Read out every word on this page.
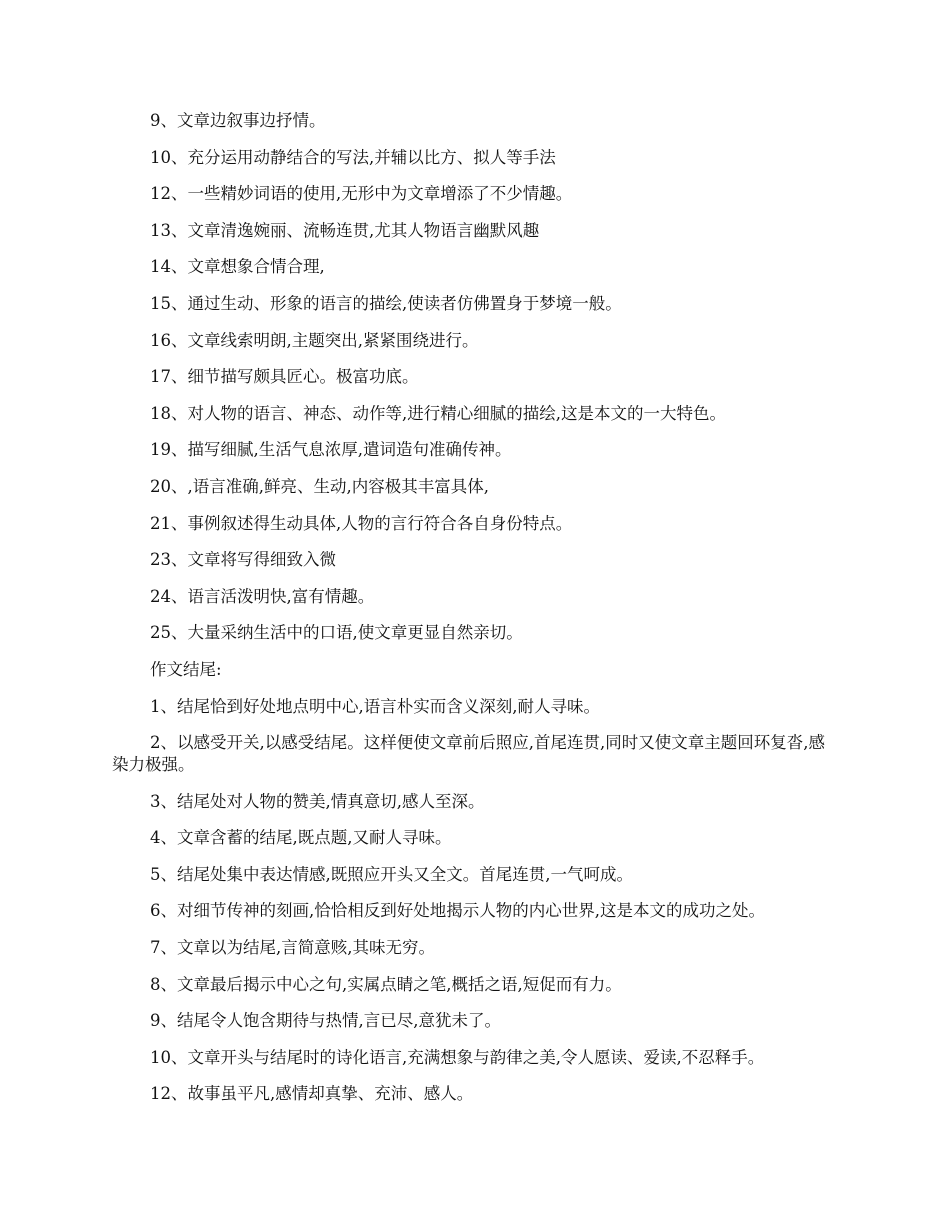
9、文章边叙事边抒情。

10、充分运用动静结合的写法,并辅以比方、拟人等手法

12、一些精妙词语的使用,无形中为文章增添了不少情趣。

13、文章清逸婉丽、流畅连贯,尤其人物语言幽默风趣

14、文章想象合情合理,

15、通过生动、形象的语言的描绘,使读者仿佛置身于梦境一般。

16、文章线索明朗,主题突出,紧紧围绕进行。

17、细节描写颇具匠心。极富功底。

18、对人物的语言、神态、动作等,进行精心细腻的描绘,这是本文的一大特色。

19、描写细腻,生活气息浓厚,遣词造句准确传神。

20、,语言准确,鲜亮、生动,内容极其丰富具体,

21、事例叙述得生动具体,人物的言行符合各自身份特点。

23、文章将写得细致入微

24、语言活泼明快,富有情趣。

25、大量采纳生活中的口语,使文章更显自然亲切。

作文结尾:

1、结尾恰到好处地点明中心,语言朴实而含义深刻,耐人寻味。

2、以感受开关,以感受结尾。这样便使文章前后照应,首尾连贯,同时又使文章主题回环复沓,感染力极强。

3、结尾处对人物的赞美,情真意切,感人至深。

4、文章含蓄的结尾,既点题,又耐人寻味。

5、结尾处集中表达情感,既照应开头又全文。首尾连贯,一气呵成。

6、对细节传神的刻画,恰恰相反到好处地揭示人物的内心世界,这是本文的成功之处。

7、文章以为结尾,言简意赅,其味无穷。

8、文章最后揭示中心之句,实属点睛之笔,概括之语,短促而有力。

9、结尾令人饱含期待与热情,言已尽,意犹未了。

10、文章开头与结尾时的诗化语言,充满想象与韵律之美,令人愿读、爱读,不忍释手。

12、故事虽平凡,感情却真挚、充沛、感人。
